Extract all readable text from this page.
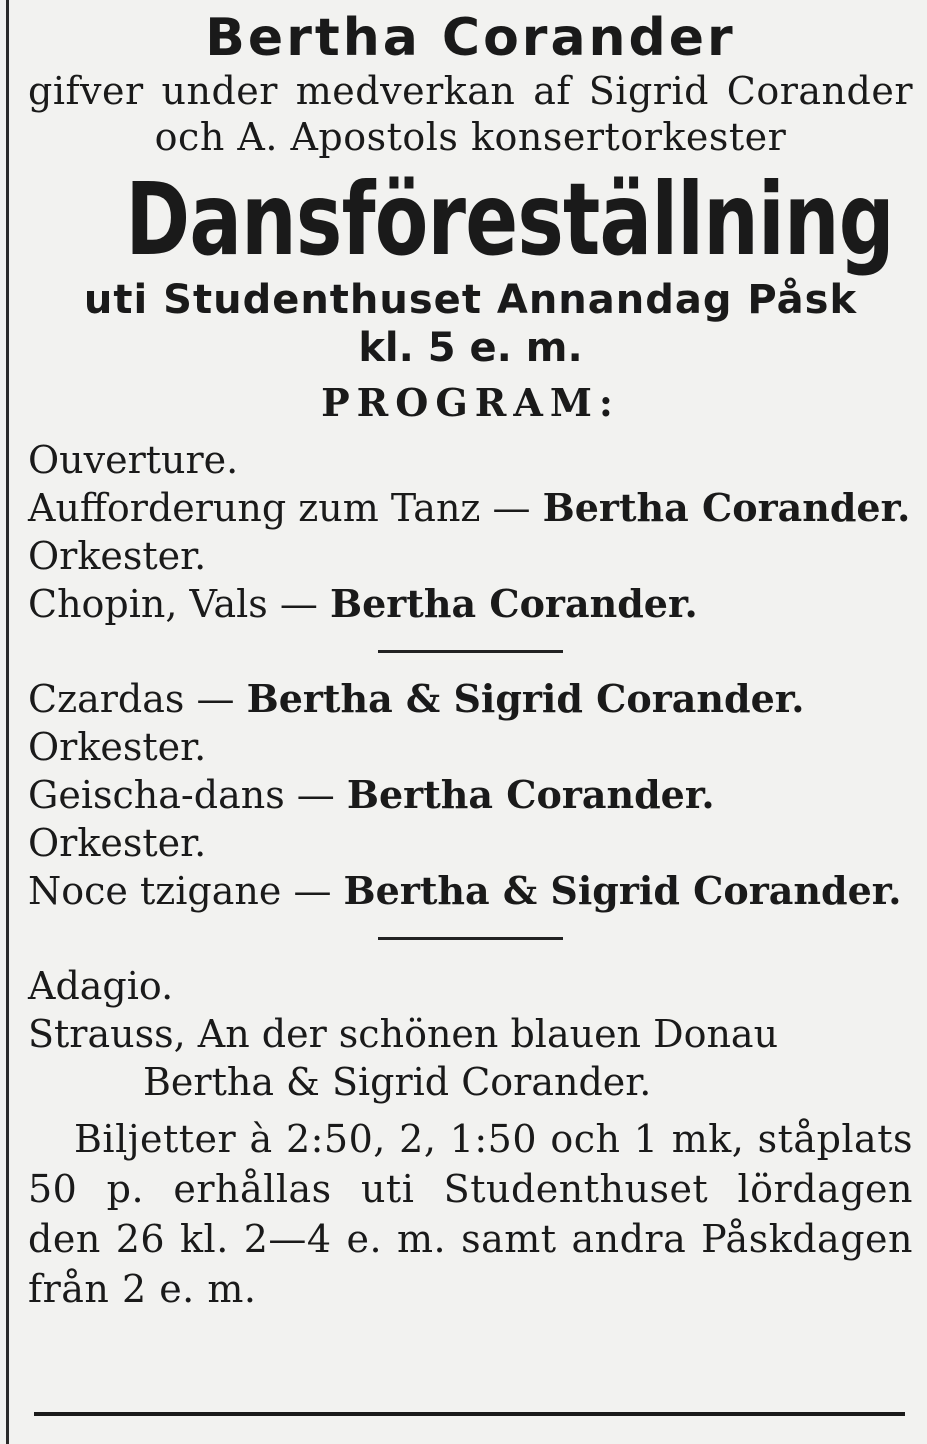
Bertha Corander

gifver under medverkan af Sigrid Corander och A. Apostols konsertorkester

Dansföreställning

uti Studenthuset Annandag Påsk

kl. 5 e. m.

PROGRAM:

Ouverture.

Aufforderung zum Tanz — Bertha Corander.

Orkester.

Chopin, Vals — Bertha Corander.

Czardas — Bertha & Sigrid Corander.

Orkester.

Geischa-dans — Bertha Corander.

Orkester.

Noce tzigane — Bertha & Sigrid Corander.

Adagio.

Strauss, An der schönen blauen Donau

Bertha & Sigrid Corander.

Biljetter à 2:50, 2, 1:50 och 1 mk, ståplats 50 p. erhållas uti Studenthuset lördagen den 26 kl. 2—4 e. m. samt andra Påskdagen från 2 e. m.
